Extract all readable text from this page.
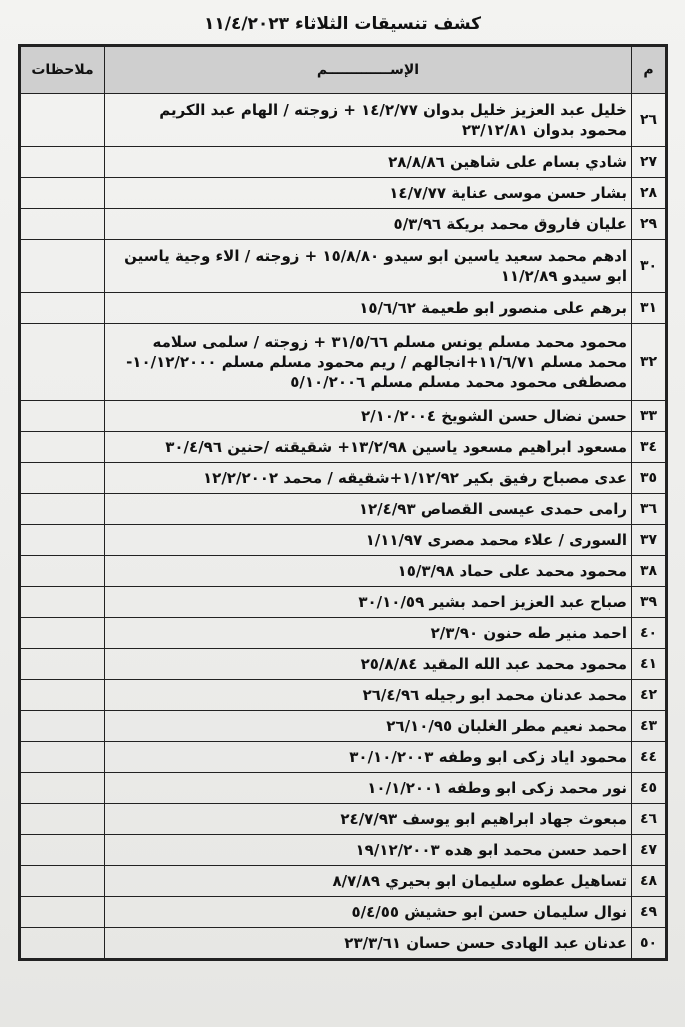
كشف تنسيقات الثلاثاء ١١/٤/٢٠٢٣
م	الإســـــــــــــم	ملاحظات
٢٦	خليل عبد العزيز خليل بدوان ١٤/٢/٧٧ + زوجته / الهام عبد الكريم محمود بدوان ٢٣/١٢/٨١	
٢٧	شادي بسام على شاهين ٢٨/٨/٨٦	
٢٨	بشار حسن موسى عناية ١٤/٧/٧٧	
٢٩	عليان فاروق محمد بريكة ٥/٣/٩٦	
٣٠	ادهم محمد سعيد ياسين ابو سيدو ١٥/٨/٨٠ + زوجته / الاء وجية ياسين ابو سيدو ١١/٢/٨٩	
٣١	برهم على منصور ابو طعيمة ١٥/٦/٦٢	
٣٢	محمود محمد مسلم يونس مسلم ٣١/٥/٦٦ + زوجته / سلمى سلامه محمد مسلم ١١/٦/٧١+انجالهم / ريم محمود مسلم مسلم ١٠/١٢/٢٠٠٠- مصطفى محمود محمد مسلم مسلم ٥/١٠/٢٠٠٦	
٣٣	حسن نضال حسن الشويخ ٢/١٠/٢٠٠٤	
٣٤	مسعود ابراهيم مسعود ياسين ١٣/٢/٩٨+ شقيقته /حنين ٣٠/٤/٩٦	
٣٥	عدى مصباح رفيق بكير ١/١٢/٩٢+شقيقه / محمد ١٢/٢/٢٠٠٢	
٣٦	رامى حمدى عيسى القصاص ١٢/٤/٩٣	
٣٧	السورى / علاء محمد مصرى ١/١١/٩٧	
٣٨	محمود محمد على حماد ١٥/٣/٩٨	
٣٩	صباح عبد العزيز احمد بشير ٣٠/١٠/٥٩	
٤٠	احمد منير طه حنون ٢/٣/٩٠	
٤١	محمود محمد عبد الله المقيد ٢٥/٨/٨٤	
٤٢	محمد عدنان محمد ابو رجيله ٢٦/٤/٩٦	
٤٣	محمد نعيم مطر الغلبان ٢٦/١٠/٩٥	
٤٤	محمود اياد زكى ابو وطفه ٣٠/١٠/٢٠٠٣	
٤٥	نور محمد زكى ابو وطفه ١٠/١/٢٠٠١	
٤٦	مبعوث جهاد ابراهيم ابو يوسف ٢٤/٧/٩٣	
٤٧	احمد حسن محمد ابو هده ١٩/١٢/٢٠٠٣	
٤٨	تساهيل عطوه سليمان ابو بحيري ٨/٧/٨٩	
٤٩	نوال سليمان حسن ابو حشيش ٥/٤/٥٥	
٥٠	عدنان عبد الهادى حسن حسان ٢٣/٣/٦١	
